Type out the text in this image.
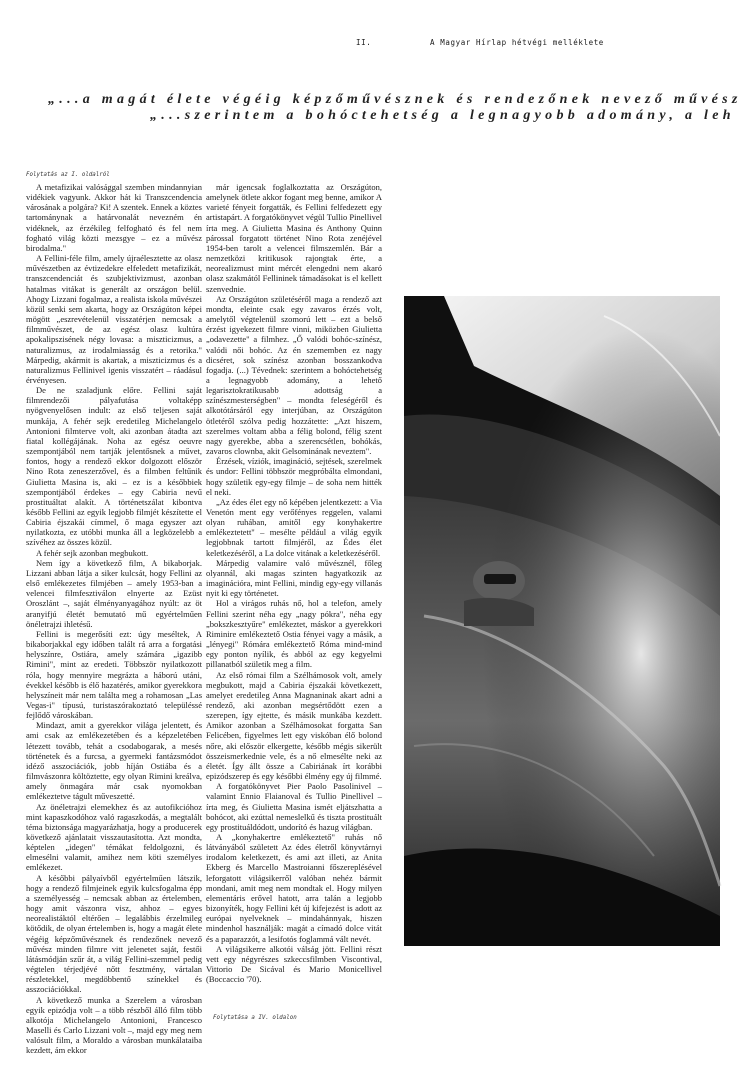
II.	A Magyar Hírlap hétvégi melléklete
„...a magát élete végéig képzőművésznek és rendezőnek nevező művész
„...szerintem a bohóctehetség a legnagyobb adomány, a leh
Folytatás az I. oldalról

A metafizikai valósággal szemben mindannyian vidékiek vagyunk. Akkor hát ki Transzcendencia városának a polgára? Ki! A szentek. Ennek a köztes tartománynak a határvonalát nevezném én vidéknek, az érzékileg felfogható és fel nem fogható világ közti mezsgye – ez a művész birodalma."

A Fellini-féle film, amely újraélesztette az olasz művészetben az évtizedekre elfeledett metafizikát, transzcendenciát és szubjektivizmust, azonban hatalmas vitákat is generált az országon belül. Ahogy Lizzani fogalmaz, a realista iskola művészei közül senki sem akarta, hogy az Országúton képei mögött „eszrevételenül visszatérjen nemcsak a filmművészet, de az egész olasz kultúra apokalipszisének négy lovasa: a miszticizmus, a naturalizmus, az irodalmiasság és a retorika." Márpedig, akármit is akartak, a miszticizmus és a naturalizmus Fellinivel igenis visszatért – ráadásul érvényesen.

De ne szaladjunk előre. Fellini saját filmrendezői pályafutása voltaképp nyögvenyelősen indult: az első teljesen saját munkája, A fehér sejk eredetileg Michelangelo Antonioni filmterve volt, aki azonban átadta azt fiatal kollégájának. Noha az egész oeuvre szempontjából nem tartják jelentősnek a művet, fontos, hogy a rendező ekkor dolgozott először Nino Rota zeneszerzővel, és a filmben feltűnik Giulietta Masina is, aki – ez is a későbbiek szempontjából érdekes – egy Cabiria nevű prostituáltat alakít. A történetszálat kibontva később Fellini az egyik legjobb filmjét készítette el Cabiria éjszakái címmel, ő maga egyszer azt nyilatkozta, ez utóbbi munka áll a legközelebb a szívéhez az összes közül.

A fehér sejk azonban megbukott.

Nem így a következő film, A bikaborjak. Lizzani abban látja a siker kulcsát, hogy Fellini az első emlékezetes filmjében – amely 1953-ban a velencei filmfesztiválon elnyerte az Ezüst Oroszlánt –, saját élményanyagához nyúlt: az öt aranyifjú életét bemutató mű egyértelműen önéletrajzi ihletésű.

Fellini is megerősíti ezt: úgy meséltek, A bikaborjakkal egy időben talált rá arra a forgatási helyszínre, Ostiára, amely számára „igazibb Rimini", mint az eredeti. Többször nyilatkozott róla, hogy mennyire megrázta a háború utáni, évekkel később is élő hazatérés, amikor gyerekkora helyszíneit már nem találta meg a rohamosan „Las Vegas-i" típusú, turistaszórakoztató településsé fejlődő városkában.

Mindazt, amit a gyerekkor világa jelentett, és ami csak az emlékezetében és a képzeletében létezett tovább, tehát a csodabogarak, a mesés történetek és a furcsa, a gyermeki fantázsmódot idéző asszociációk, jobb híján Ostiába és a filmvászonra költöztette, egy olyan Rimini kreálva, amely önmagára már csak nyomokban emlékeztetve tágult műveszetté.

Az önéletrajzi elemekhez és az autofikcióhoz mint kapaszkodóhoz való ragaszkodás, a megtalált téma biztonsága magyarázhatja, hogy a producerek következő ajánlatait visszautasította. Azt mondta, képtelen „idegen" témákat feldolgozni, és elmesélni valamit, amihez nem köti személyes emlékezet.

A későbbi pályaívből egyértelműen látszik, hogy a rendező filmjeinek egyik kulcsfogalma épp a személyesség – nemcsak abban az értelemben, hogy amit vászonra visz, ahhoz – egyes neorealistáktól eltérően – legalábbis érzelmileg kötődik, de olyan értelemben is, hogy a magát élete végéig képzőművésznek és rendezőnek nevező művész minden filmre vitt jelenetet saját, festői látásmódján szűr át, a világ Fellini-szemmel pedig végtelen térjedjévé nőtt fesztmény, vártalan részletekkel, megdöbbentő színekkel és asszociációkkal.

A következő munka a Szerelem a városban egyik epizódja volt – a több részből álló film több alkotója Michelangelo Antonioni, Francesco Maselli és Carlo Lizzani volt –, majd egy meg nem valósult film, a Moraldo a városban munkálataiba kezdett, ám ekkor

már igencsak foglalkoztatta az Országúton, amelynek ötlete akkor fogant meg benne, amikor A varieté fényeit forgatták, és Fellini felfedezett egy artistapárt. A forgatókönyvet végül Tullio Pinellivel írta meg. A Giulietta Masina és Anthony Quinn párossal forgatott történet Nino Rota zenéjével 1954-ben tarolt a velencei filmszemlén. Bár a nemzetközi kritikusok rajongtak érte, a neorealizmust mint mércét elengedni nem akaró olasz szakmától Fellininek támadásokat is el kellett szenvednie.

Az Országúton születéséről maga a rendező azt mondta, eleinte csak egy zavaros érzés volt, amelytől végtelenül szomorú lett – ezt a belső érzést igyekezett filmre vinni, miközben Giulietta „odavezette" a filmhez. „Ő valódi bohóc-színész, valódi női bohóc. Az én szememben ez nagy dicséret, sok színész azonban bosszankodva fogadja. (...) Tévednek: szerintem a bohóctehetség a legnagyobb adomány, a lehető legarisztokratikusabb adottság a színészmesterségben" – mondta feleségéről és alkotótársáról egy interjúban, az Országúton ötletéről szólva pedig hozzátette: „Azt hiszem, szerelmes voltam abba a félig bolond, félig szent nagy gyerekbe, abba a szerencsétlen, bohókás, zavaros clownba, akit Gelsominának neveztem".

Érzések, víziók, imagináció, sejtések, szerelmek és undor: Fellini többször megpróbálta elmondani, hogy születik egy-egy filmje – de soha nem hitték el neki.

„Az édes élet egy nő képében jelentkezett: a Via Venetón ment egy verőfényes reggelen, valami olyan ruhában, amitől egy konyhakertre emlékeztetett" – mesélte például a világ egyik legjobbnak tartott filmjéről, az Édes élet keletkezéséről, a La dolce vitának a keletkezéséről.

Márpedig valamire való művésznél, főleg olyannál, aki magas szinten hagyatkozik az imaginációra, mint Fellini, mindig egy-egy villanás nyit ki egy történetet.

Hol a virágos ruhás nő, hol a telefon, amely Fellini szerint néha egy „nagy pókra", néha egy „bokszkesztyűre" emlékeztet, máskor a gyerekkori Riminire emlékeztető Ostia fényei vagy a másik, a „lényegi" Rómára emlékeztető Róma mind-mind egy ponton nyílik, és abból az egy kegyelmi pillanatból születik meg a film.

Az első római film a Szélhámosok volt, amely megbukott, majd a Cabiria éjszakái következett, amelyet eredetileg Anna Magnaninak akart adni a rendező, aki azonban megsértődött ezen a szerepen, így ejtette, és másik munkába kezdett. Amikor azonban a Szélhámosokat forgatta San Felicében, figyelmes lett egy viskóban élő bolond nőre, aki először elkergette, később mégis sikerült összeismerkednie vele, és a nő elmesélte neki az életét. Így állt össze a Cabiriának írt korábbi epizódszerep és egy későbbi élmény egy új filmmé.

A forgatókönyvet Pier Paolo Pasolinivel – valamint Ennio Flaianoval és Tullio Pinellivel – írta meg, és Giulietta Masina ismét eljátszhatta a bohócot, aki ezúttal nemeslelkű és tiszta prostituált egy prostituáldódott, undorító és hazug világban.

A „konyhakertre emlékeztető" ruhás nő látványából született Az édes életről könyvtárnyi irodalom keletkezett, és ami azt illeti, az Anita Ekberg és Marcello Mastroianni főszereplésével leforgatott világsikerről valóban nehéz bármit mondani, amit meg nem mondtak el. Hogy milyen elementáris erővel hatott, arra talán a legjobb bizonyíték, hogy Fellini két új kifejezést is adott az európai nyelveknek – mindahánnyak, hiszen mindenhol használják: magát a címadó dolce vitát és a paparazzót, a lesifotós foglammá vált nevét.

A világsikerre alkotói válság jött. Fellini részt vett egy négyrészes szkeccsfilmben Viscontival, Vittorio De Sicával és Mario Monicellivel (Boccaccio '70).

Folytatása a IV. oldalon
